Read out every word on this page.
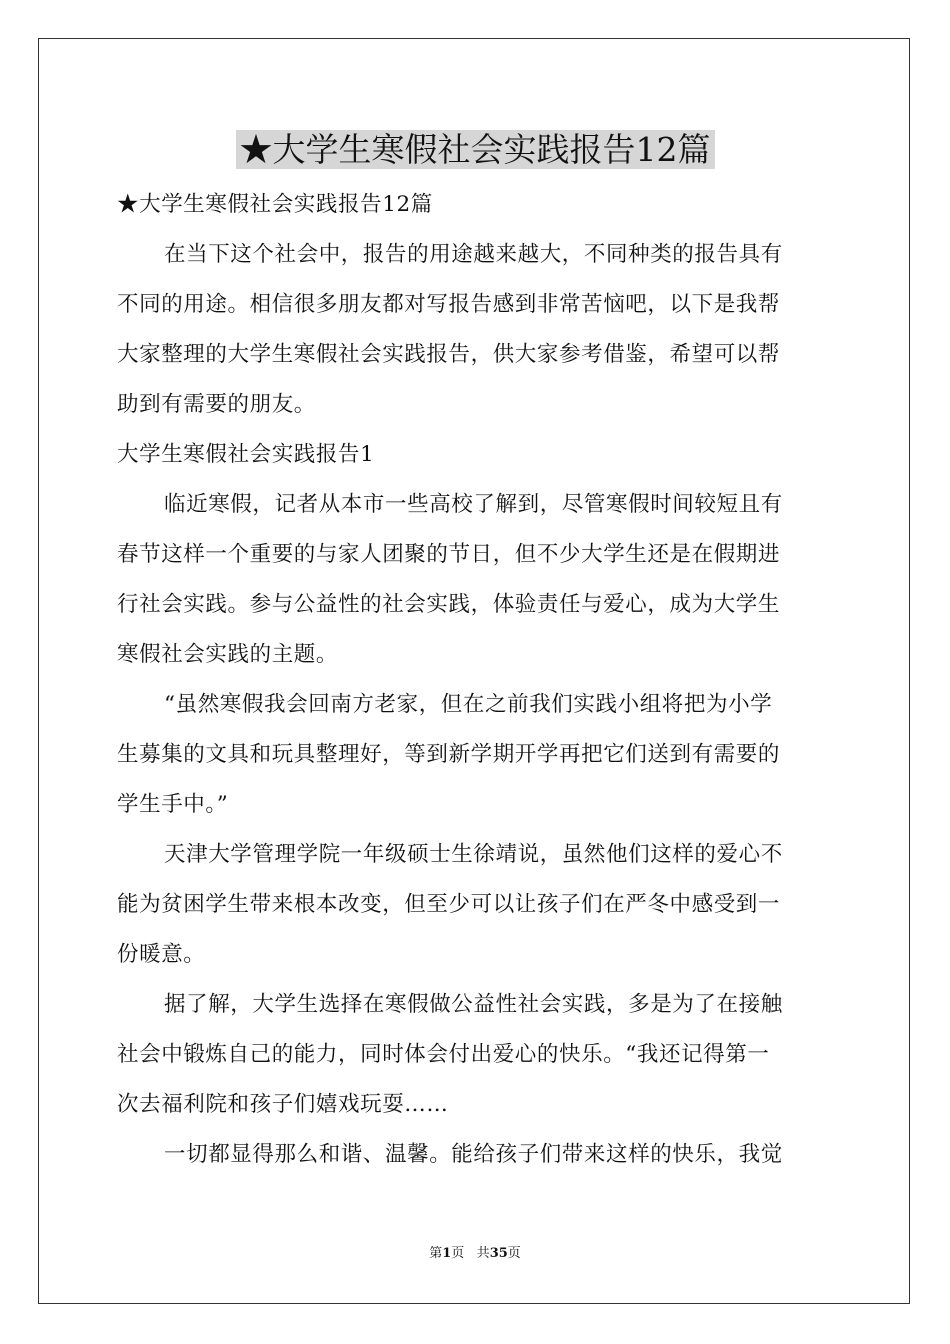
★大学生寒假社会实践报告12篇
★大学生寒假社会实践报告12篇
在当下这个社会中，报告的用途越来越大，不同种类的报告具有
不同的用途。相信很多朋友都对写报告感到非常苦恼吧，以下是我帮
大家整理的大学生寒假社会实践报告，供大家参考借鉴，希望可以帮
助到有需要的朋友。
大学生寒假社会实践报告1
临近寒假，记者从本市一些高校了解到，尽管寒假时间较短且有
春节这样一个重要的与家人团聚的节日，但不少大学生还是在假期进
行社会实践。参与公益性的社会实践，体验责任与爱心，成为大学生
寒假社会实践的主题。
“虽然寒假我会回南方老家，但在之前我们实践小组将把为小学
生募集的文具和玩具整理好，等到新学期开学再把它们送到有需要的
学生手中。”
天津大学管理学院一年级硕士生徐靖说，虽然他们这样的爱心不
能为贫困学生带来根本改变，但至少可以让孩子们在严冬中感受到一
份暖意。
据了解，大学生选择在寒假做公益性社会实践，多是为了在接触
社会中锻炼自己的能力，同时体会付出爱心的快乐。“我还记得第一
次去福利院和孩子们嬉戏玩耍……
一切都显得那么和谐、温馨。能给孩子们带来这样的快乐，我觉
第1页 共35页
